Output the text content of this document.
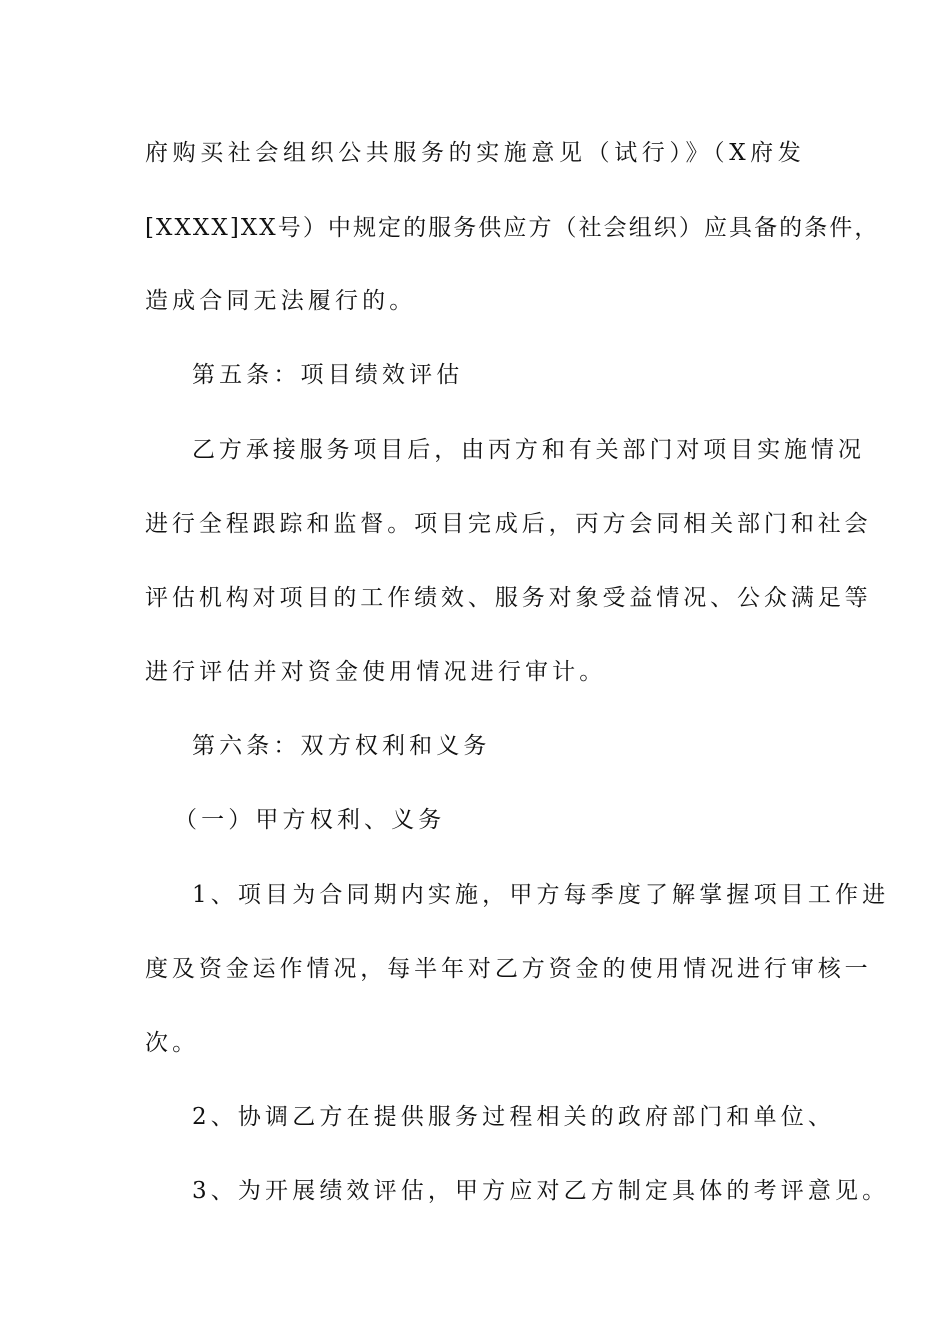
府购买社会组织公共服务的实施意见（试行）》（X府发
[XXXX]XX号）中规定的服务供应方（社会组织）应具备的条件，
造成合同无法履行的。
第五条：项目绩效评估
乙方承接服务项目后，由丙方和有关部门对项目实施情况
进行全程跟踪和监督。项目完成后，丙方会同相关部门和社会
评估机构对项目的工作绩效、服务对象受益情况、公众满足等
进行评估并对资金使用情况进行审计。
第六条：双方权利和义务
（一）甲方权利、义务
1、项目为合同期内实施，甲方每季度了解掌握项目工作进
度及资金运作情况，每半年对乙方资金的使用情况进行审核一
次。
2、协调乙方在提供服务过程相关的政府部门和单位、
3、为开展绩效评估，甲方应对乙方制定具体的考评意见。
